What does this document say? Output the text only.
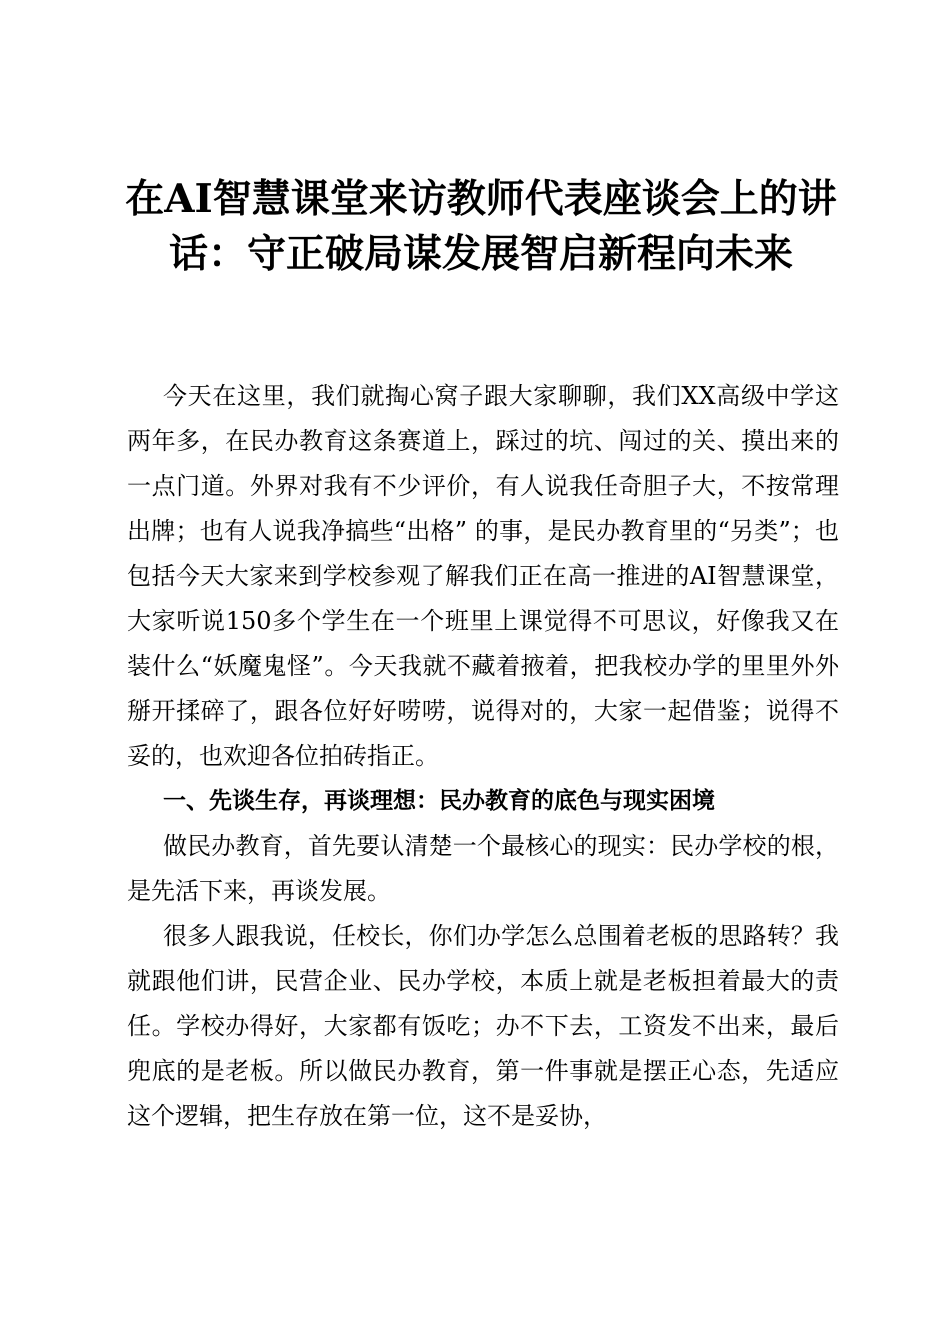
在AI智慧课堂来访教师代表座谈会上的讲话：守正破局谋发展智启新程向未来

今天在这里，我们就掏心窝子跟大家聊聊，我们XX高级中学这两年多，在民办教育这条赛道上，踩过的坑、闯过的关、摸出来的一点门道。外界对我有不少评价，有人说我任奇胆子大，不按常理出牌；也有人说我净搞些“出格” 的事，是民办教育里的“另类”；也包括今天大家来到学校参观了解我们正在高一推进的AI智慧课堂，大家听说150多个学生在一个班里上课觉得不可思议，好像我又在装什么“妖魔鬼怪”。今天我就不藏着掖着，把我校办学的里里外外掰开揉碎了，跟各位好好唠唠，说得对的，大家一起借鉴；说得不妥的，也欢迎各位拍砖指正。

一、先谈生存，再谈理想：民办教育的底色与现实困境

做民办教育，首先要认清楚一个最核心的现实：民办学校的根，是先活下来，再谈发展。

很多人跟我说，任校长，你们办学怎么总围着老板的思路转？我就跟他们讲，民营企业、民办学校，本质上就是老板担着最大的责任。学校办得好，大家都有饭吃；办不下去，工资发不出来，最后兜底的是老板。所以做民办教育，第一件事就是摆正心态，先适应这个逻辑，把生存放在第一位，这不是妥协，
